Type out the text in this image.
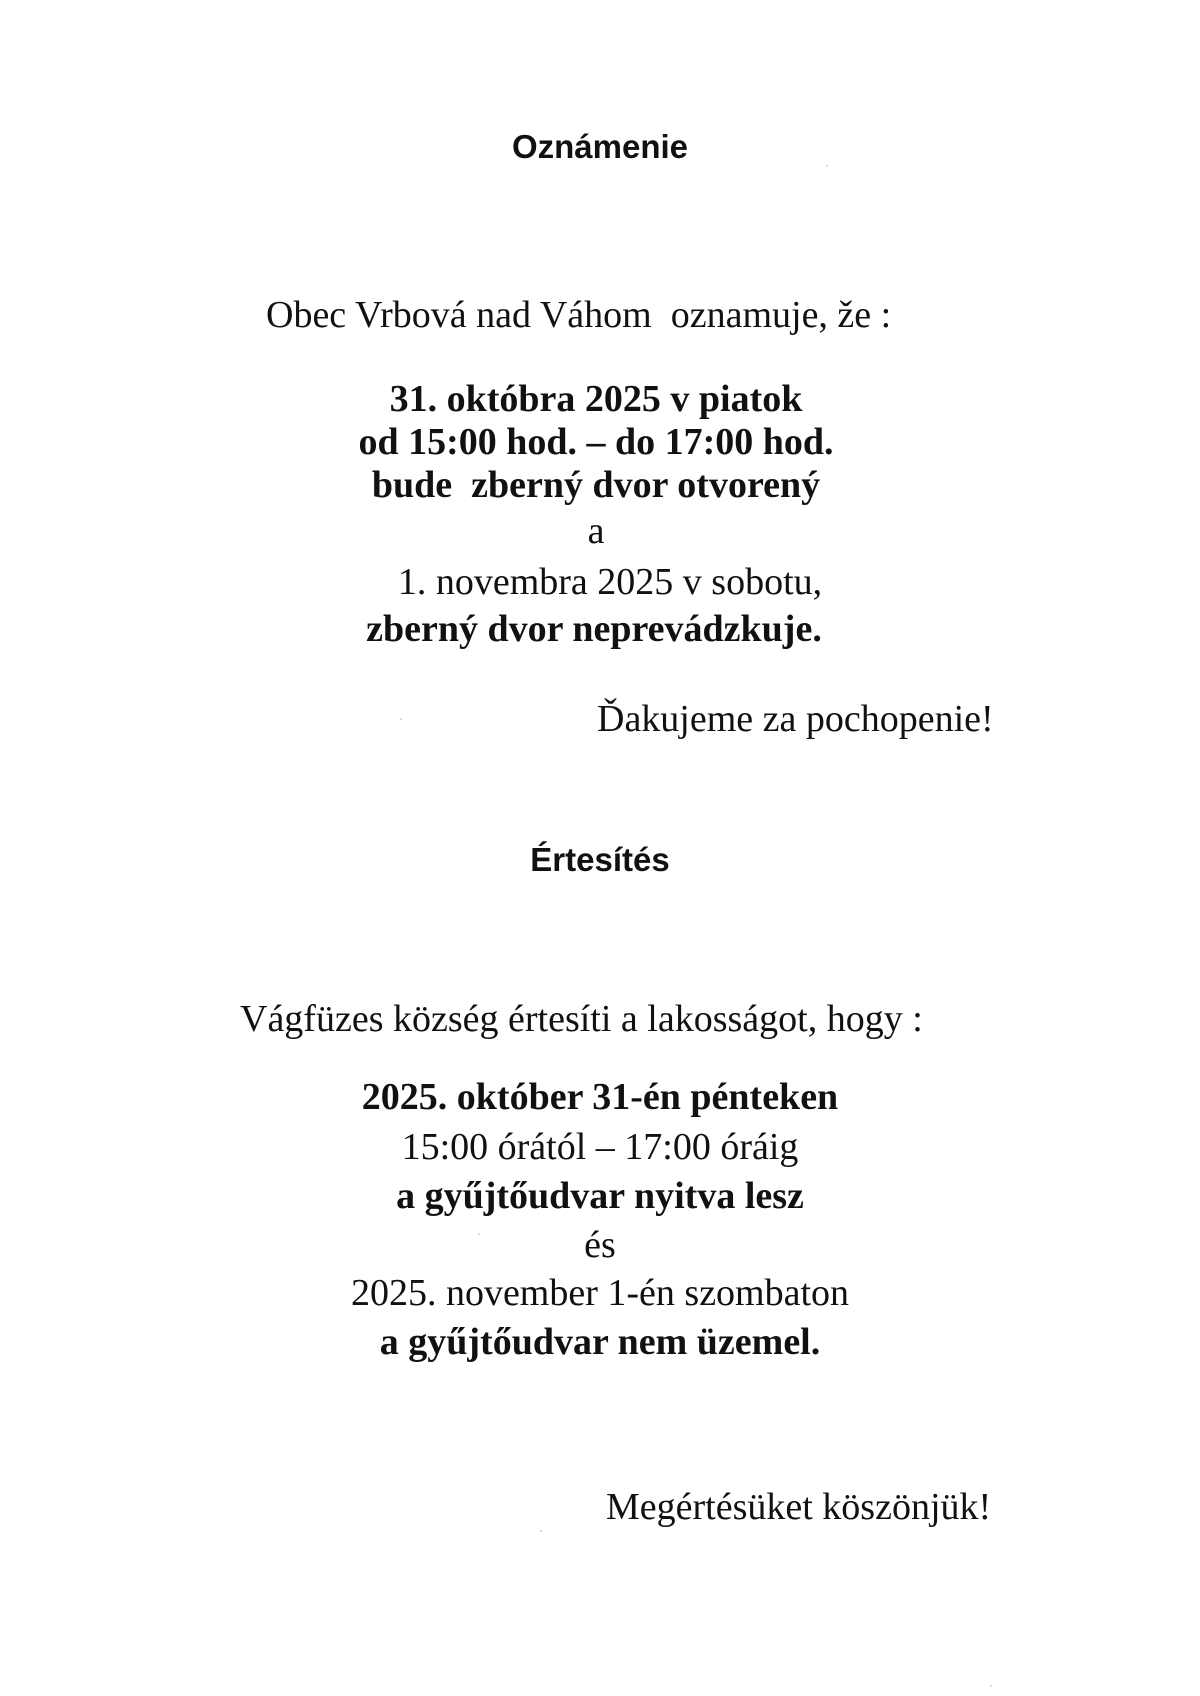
Oznámenie
Obec Vrbová nad Váhom  oznamuje, že :
31. októbra 2025 v piatok
od 15:00 hod. – do 17:00 hod.
bude  zberný dvor otvorený
a
1. novembra 2025 v sobotu,
zberný dvor neprevádzkuje.
Ďakujeme za pochopenie!
Értesítés
Vágfüzes község értesíti a lakosságot, hogy :
2025. október 31-én pénteken
15:00 órától – 17:00 óráig
a gyűjtőudvar nyitva lesz
és
2025. november 1-én szombaton
a gyűjtőudvar nem üzemel.
Megértésüket köszönjük!
